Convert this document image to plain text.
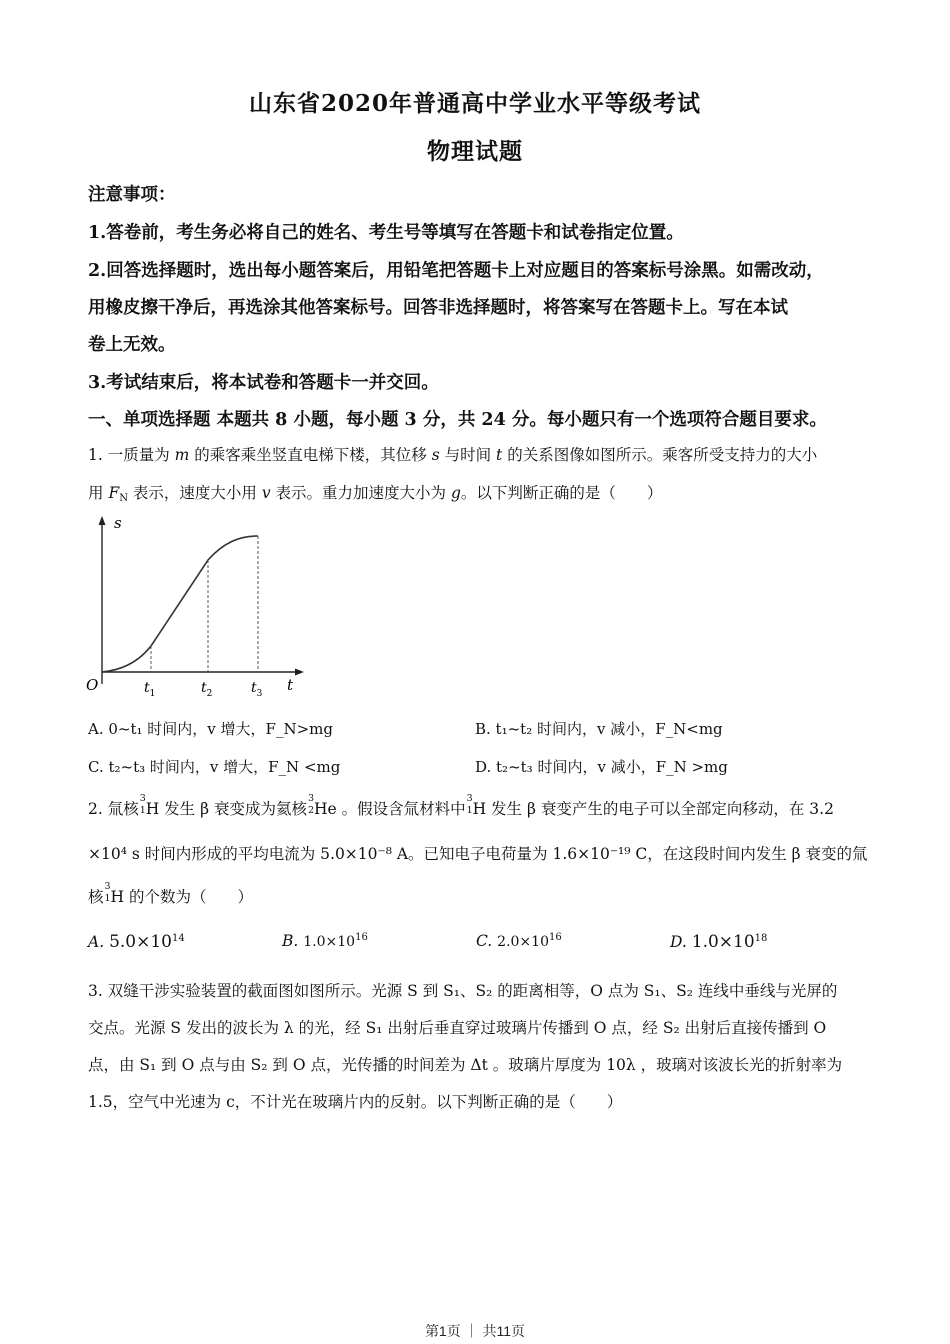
山东省2020年普通高中学业水平等级考试
物理试题
注意事项：
1.答卷前，考生务必将自己的姓名、考生号等填写在答题卡和试卷指定位置。
2.回答选择题时，选出每小题答案后，用铅笔把答题卡上对应题目的答案标号涂黑。如需改动，
用橡皮擦干净后，再选涂其他答案标号。回答非选择题时，将答案写在答题卡上。写在本试
卷上无效。
3.考试结束后，将本试卷和答题卡一并交回。
一、单项选择题 本题共 8 小题，每小题 3 分，共 24 分。每小题只有一个选项符合题目要求。
1. 一质量为 m 的乘客乘坐竖直电梯下楼，其位移 s 与时间 t 的关系图像如图所示。乘客所受支持力的大小
用 $F_N$ 表示，速度大小用 v 表示。重力加速度大小为 g。以下判断正确的是（　　）
s
t
O	$t_1$	$t_2$	$t_3$
A. 0~t₁ 时间内，v 增大，F_N>mg	B. t₁~t₂ 时间内，v 减小，F_N<mg
C. t₂~t₃ 时间内，v 增大，F_N <mg	D. t₂~t₃ 时间内，v 减小，F_N >mg
2. 氚核
3
1 H 发生 β 衰变成为氦核
3
2 He 。假设含氚材料中
3
1 H 发生 β 衰变产生的电子可以全部定向移动，在 3.2
×10⁴ s 时间内形成的平均电流为 5.0×10⁻⁸ A。已知电子电荷量为 1.6×10⁻¹⁹ C，在这段时间内发生 β 衰变的氚
核
3
1 H 的个数为（　　）
A. $5.0\times 10^{14}$	B. $1.0\times 10^{16}$	C. $2.0\times 10^{16}$	D. $1.0\times 10^{18}$
3. 双缝干涉实验装置的截面图如图所示。光源 S 到 S₁、S₂ 的距离相等，O 点为 S₁、S₂ 连线中垂线与光屏的
交点。光源 S 发出的波长为 λ 的光，经 S₁ 出射后垂直穿过玻璃片传播到 O 点，经 S₂ 出射后直接传播到 O
点，由 S₁ 到 O 点与由 S₂ 到 O 点，光传播的时间差为 Δt 。玻璃片厚度为 10λ ，玻璃对该波长光的折射率为
1.5，空气中光速为 c，不计光在玻璃片内的反射。以下判断正确的是（　　）
第1页 ｜ 共11页
